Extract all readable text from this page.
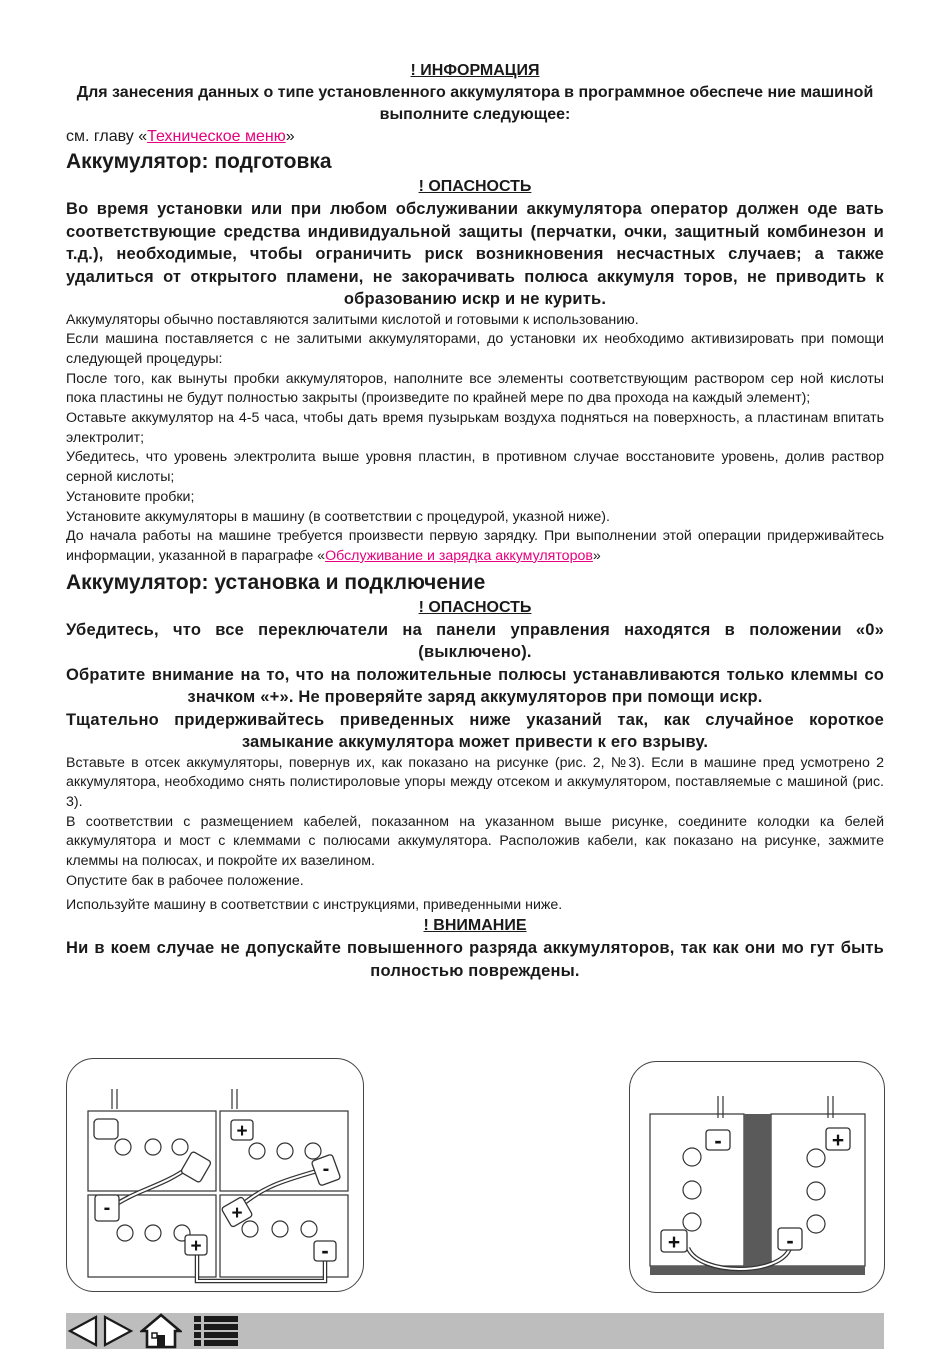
! ИНФОРМАЦИЯ
Для занесения данных о типе установленного аккумулятора в программное обеспече ние машиной выполните следующее:
см. главу «Техническое меню»
Аккумулятор: подготовка
! ОПАСНОСТЬ
Во время установки или при любом обслуживании аккумулятора оператор должен оде вать соответствующие средства индивидуальной защиты (перчатки, очки, защитный комбинезон и т.д.), необходимые, чтобы ограничить риск возникновения несчастных случаев; а также удалиться от открытого пламени, не закорачивать полюса аккумуля торов, не приводить к образованию искр и не курить.
Аккумуляторы обычно поставляются залитыми кислотой и готовыми к использованию.
Если машина поставляется с не залитыми аккумуляторами, до установки их необходимо активизировать при помощи следующей процедуры:
После того, как вынуты пробки аккумуляторов, наполните все элементы соответствующим раствором сер ной кислоты пока пластины не будут полностью закрыты (произведите по крайней мере по два прохода на каждый элемент);
Оставьте аккумулятор на 4-5 часа, чтобы дать время пузырькам воздуха подняться на поверхность, а пластинам впитать электролит;
Убедитесь, что уровень электролита выше уровня пластин, в противном случае восстановите уровень, долив раствор серной кислоты;
Установите пробки;
Установите аккумуляторы в машину (в соответствии с процедурой, указной ниже).
До начала работы на машине требуется произвести первую зарядку. При выполнении этой операции придерживайтесь информации, указанной в параграфе «Обслуживание и зарядка аккумуляторов»
Аккумулятор: установка и подключение
! ОПАСНОСТЬ
Убедитесь, что все переключатели на панели управления находятся в положении «0» (выключено).
Обратите внимание на то, что на положительные полюсы устанавливаются только клеммы со значком «+». Не проверяйте заряд аккумуляторов при помощи искр.
Тщательно придерживайтесь приведенных ниже указаний так, как случайное короткое замыкание аккумулятора может привести к его взрыву.
Вставьте в отсек аккумуляторы, повернув их, как показано на рисунке (рис. 2, №3). Если в машине пред усмотрено 2 аккумулятора, необходимо снять полистироловые упоры между отсеком и аккумулятором, поставляемые с машиной (рис. 3).
В соответствии с размещением кабелей, показанном на указанном выше рисунке, соедините колодки ка белей аккумулятора и мост с клеммами с полюсами аккумулятора. Расположив кабели, как показано на рисунке, зажмите клеммы на полюсах, и покройте их вазелином.
Опустите бак в рабочее положение.
Используйте машину в соответствии с инструкциями, приведенными ниже.
! ВНИМАНИЕ
Ни в коем случае не допускайте повышенного разряда аккумуляторов, так как они мо гут быть полностью повреждены.
+
+
+	-
-
-
-	+
+	-
